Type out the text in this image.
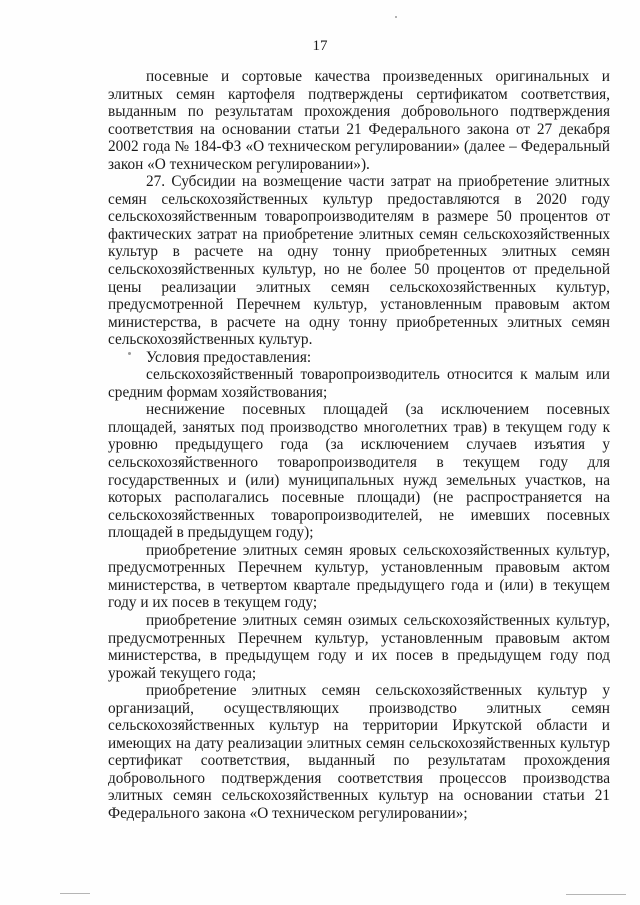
17

посевные и сортовые качества произведенных оригинальных и элитных семян картофеля подтверждены сертификатом соответствия, выданным по результатам прохождения добровольного подтверждения соответствия на основании статьи 21 Федерального закона от 27 декабря 2002 года № 184-ФЗ «О техническом регулировании» (далее – Федеральный закон «О техническом регулировании»).

27. Субсидии на возмещение части затрат на приобретение элитных семян сельскохозяйственных культур предоставляются в 2020 году сельскохозяйственным товаропроизводителям в размере 50 процентов от фактических затрат на приобретение элитных семян сельскохозяйственных культур в расчете на одну тонну приобретенных элитных семян сельскохозяйственных культур, но не более 50 процентов от предельной цены реализации элитных семян сельскохозяйственных культур, предусмотренной Перечнем культур, установленным правовым актом министерства, в расчете на одну тонну приобретенных элитных семян сельскохозяйственных культур.

Условия предоставления:

сельскохозяйственный товаропроизводитель относится к малым или средним формам хозяйствования;

неснижение посевных площадей (за исключением посевных площадей, занятых под производство многолетних трав) в текущем году к уровню предыдущего года (за исключением случаев изъятия у сельскохозяйственного товаропроизводителя в текущем году для государственных и (или) муниципальных нужд земельных участков, на которых располагались посевные площади) (не распространяется на сельскохозяйственных товаропроизводителей, не имевших посевных площадей в предыдущем году);

приобретение элитных семян яровых сельскохозяйственных культур, предусмотренных Перечнем культур, установленным правовым актом министерства, в четвертом квартале предыдущего года и (или) в текущем году и их посев в текущем году;

приобретение элитных семян озимых сельскохозяйственных культур, предусмотренных Перечнем культур, установленным правовым актом министерства, в предыдущем году и их посев в предыдущем году под урожай текущего года;

приобретение элитных семян сельскохозяйственных культур у организаций, осуществляющих производство элитных семян сельскохозяйственных культур на территории Иркутской области и имеющих на дату реализации элитных семян сельскохозяйственных культур сертификат соответствия, выданный по результатам прохождения добровольного подтверждения соответствия процессов производства элитных семян сельскохозяйственных культур на основании статьи 21 Федерального закона «О техническом регулировании»;
